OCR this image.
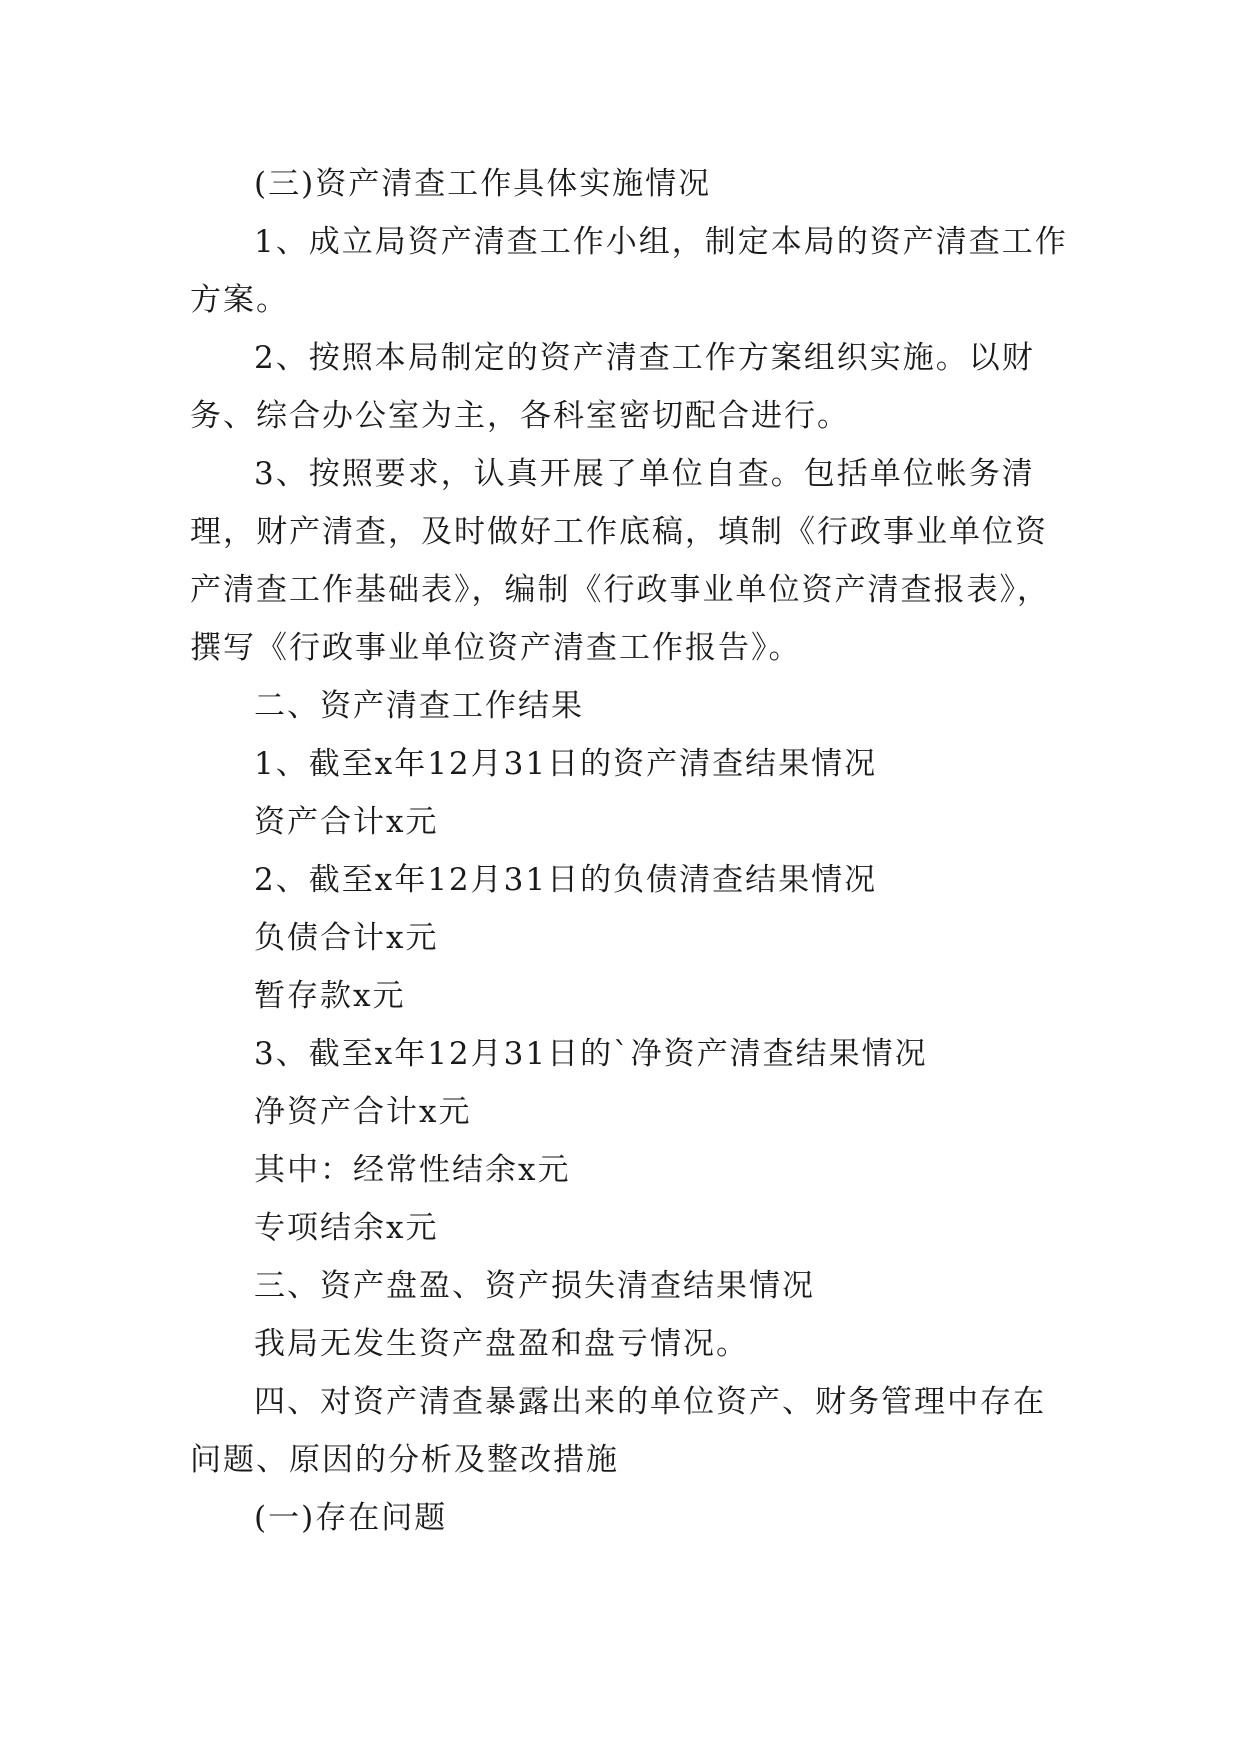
(三)资产清查工作具体实施情况

1、成立局资产清查工作小组，制定本局的资产清查工作方案。

2、按照本局制定的资产清查工作方案组织实施。以财务、综合办公室为主，各科室密切配合进行。

3、按照要求，认真开展了单位自查。包括单位帐务清理，财产清查，及时做好工作底稿，填制《行政事业单位资产清查工作基础表》，编制《行政事业单位资产清查报表》，撰写《行政事业单位资产清查工作报告》。

二、资产清查工作结果

1、截至x年12月31日的资产清查结果情况

资产合计x元

2、截至x年12月31日的负债清查结果情况

负债合计x元

暂存款x元

3、截至x年12月31日的`净资产清查结果情况

净资产合计x元

其中：经常性结余x元

专项结余x元

三、资产盘盈、资产损失清查结果情况

我局无发生资产盘盈和盘亏情况。

四、对资产清查暴露出来的单位资产、财务管理中存在问题、原因的分析及整改措施

(一)存在问题
